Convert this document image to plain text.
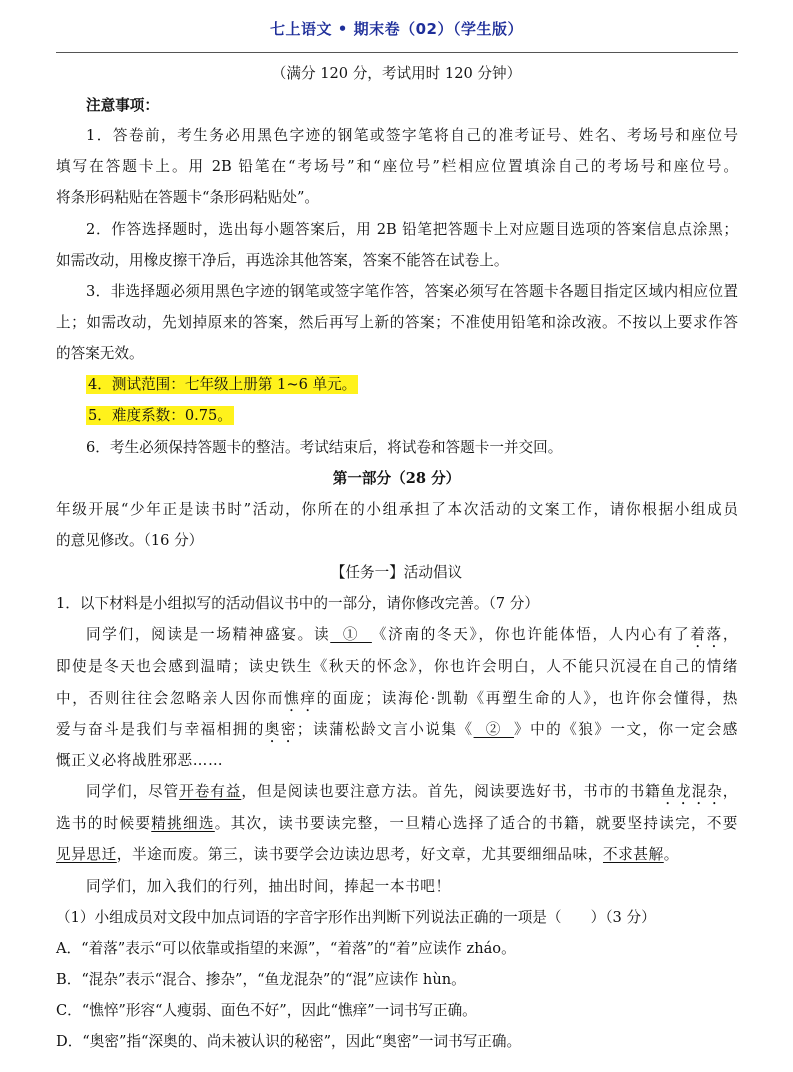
七上语文 • 期末卷（02）（学生版）
（满分 120 分，考试用时 120 分钟）
注意事项：
1．答卷前，考生务必用黑色字迹的钢笔或签字笔将自己的准考证号、姓名、考场号和座位号
填写在答题卡上。用 2B 铅笔在“考场号”和“座位号”栏相应位置填涂自己的考场号和座位号。
将条形码粘贴在答题卡“条形码粘贴处”。
2．作答选择题时，选出每小题答案后，用 2B 铅笔把答题卡上对应题目选项的答案信息点涂黑；
如需改动，用橡皮擦干净后，再选涂其他答案，答案不能答在试卷上。
3．非选择题必须用黑色字迹的钢笔或签字笔作答，答案必须写在答题卡各题目指定区域内相应位置
上；如需改动，先划掉原来的答案，然后再写上新的答案；不准使用铅笔和涂改液。不按以上要求作答
的答案无效。
4．测试范围：七年级上册第 1~6 单元。
5．难度系数：0.75。
6．考生必须保持答题卡的整洁。考试结束后，将试卷和答题卡一并交回。
第一部分（28 分）
年级开展“少年正是读书时”活动，你所在的小组承担了本次活动的文案工作，请你根据小组成员
的意见修改。（16 分）
【任务一】活动倡议
1．以下材料是小组拟写的活动倡议书中的一部分，请你修改完善。（7 分）
同学们，阅读是一场精神盛宴。读  ①  《济南的冬天》，你也许能体悟，人内心有了着落，
即使是冬天也会感到温晴；读史铁生《秋天的怀念》，你也许会明白，人不能只沉浸在自己的情绪
中，否则往往会忽略亲人因你而憔痒的面庞；读海伦·凯勒《再塑生命的人》，也许你会懂得，热
爱与奋斗是我们与幸福相拥的奥密；读蒲松龄文言小说集《  ②  》中的《狼》一文，你一定会感
慨正义必将战胜邪恶……
同学们，尽管开卷有益，但是阅读也要注意方法。首先，阅读要选好书，书市的书籍鱼龙混杂，
选书的时候要精挑细选。其次，读书要读完整，一旦精心选择了适合的书籍，就要坚持读完，不要
见异思迁，半途而废。第三，读书要学会边读边思考，好文章，尤其要细细品味，不求甚解。
同学们，加入我们的行列，抽出时间，捧起一本书吧！
（1）小组成员对文段中加点词语的字音字形作出判断下列说法正确的一项是（　　）（3 分）
A．“着落”表示“可以依靠或指望的来源”，“着落”的“着”应读作 zháo。
B．“混杂”表示“混合、掺杂”，“鱼龙混杂”的“混”应读作 hùn。
C．“憔悴”形容“人瘦弱、面色不好”，因此“憔痒”一词书写正确。
D．“奥密”指“深奥的、尚未被认识的秘密”，因此“奥密”一词书写正确。
